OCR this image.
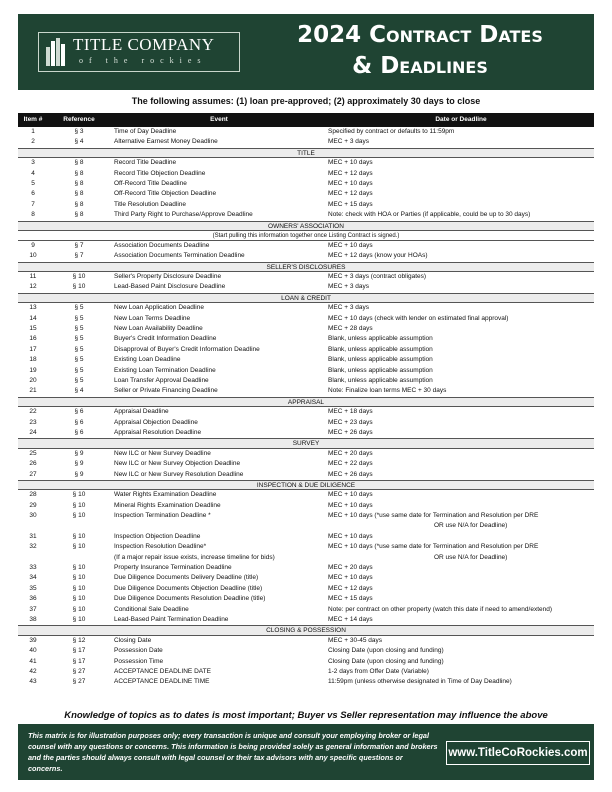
TITLE COMPANY
of the rockies
2024 Contract Dates
& Deadlines
The following assumes: (1) loan pre-approved; (2) approximately 30 days to close
Item #	Reference	Event	Date or Deadline
1	§ 3	Time of Day Deadline	Specified by contract or defaults to 11:59pm
2	§ 4	Alternative Earnest Money Deadline	MEC + 3 days
TITLE
3	§ 8	Record Title Deadline	MEC + 10 days
4	§ 8	Record Title Objection Deadline	MEC + 12 days
5	§ 8	Off-Record Title Deadline	MEC + 10 days
6	§ 8	Off-Record Title Objection Deadline	MEC + 12 days
7	§ 8	Title Resolution Deadline	MEC + 15 days
8	§ 8	Third Party Right to Purchase/Approve Deadline	Note: check with HOA or Parties (if applicable, could be up to 30 days)
OWNERS' ASSOCIATION
(Start pulling this information together once Listing Contract is signed.)
9	§ 7	Association Documents Deadline	MEC + 10 days
10	§ 7	Association Documents Termination Deadline	MEC + 12 days (know your HOAs)
SELLER'S DISCLOSURES
11	§ 10	Seller's Property Disclosure Deadline	MEC + 3 days (contract obligates)
12	§ 10	Lead-Based Paint Disclosure Deadline	MEC + 3 days
LOAN & CREDIT
13	§ 5	New Loan Application Deadline	MEC + 3 days
14	§ 5	New Loan Terms Deadline	MEC + 10 days (check with lender on estimated final approval)
15	§ 5	New Loan Availability Deadline	MEC + 28 days
16	§ 5	Buyer's Credit Information Deadline	Blank, unless applicable assumption
17	§ 5	Disapproval of Buyer's Credit Information Deadline	Blank, unless applicable assumption
18	§ 5	Existing Loan Deadline	Blank, unless applicable assumption
19	§ 5	Existing Loan Termination Deadline	Blank, unless applicable assumption
20	§ 5	Loan Transfer Approval Deadline	Blank, unless applicable assumption
21	§ 4	Seller or Private Financing Deadline	Note: Finalize loan terms MEC + 30 days
APPRAISAL
22	§ 6	Appraisal Deadline	MEC + 18 days
23	§ 6	Appraisal Objection Deadline	MEC + 23 days
24	§ 6	Appraisal Resolution Deadline	MEC + 26 days
SURVEY
25	§ 9	New ILC or New Survey Deadline	MEC + 20 days
26	§ 9	New ILC or New Survey Objection Deadline	MEC + 22 days
27	§ 9	New ILC or New Survey Resolution Deadline	MEC + 26 days
INSPECTION & DUE DILIGENCE
28	§ 10	Water Rights Examination Deadline	MEC + 10 days
29	§ 10	Mineral Rights Examination Deadline	MEC + 10 days
30	§ 10	Inspection Termination Deadline *	MEC + 10 days (*use same date for Termination and Resolution per DRE
OR use N/A for Deadline)
31	§ 10	Inspection Objection Deadline	MEC + 10 days
32	§ 10	Inspection Resolution Deadline*	MEC + 10 days (*use same date for Termination and Resolution per DRE
(If a major repair issue exists, increase timeline for bids)	OR use N/A for Deadline)
33	§ 10	Property Insurance Termination Deadline	MEC + 20 days
34	§ 10	Due Diligence Documents Delivery Deadline (title)	MEC + 10 days
35	§ 10	Due Diligence Documents Objection Deadline (title)	MEC + 12 days
36	§ 10	Due Diligence Documents Resolution Deadline (title)	MEC + 15 days
37	§ 10	Conditional Sale Deadline	Note: per contract on other property (watch this date if need to amend/extend)
38	§ 10	Lead-Based Paint Termination Deadline	MEC + 14 days
CLOSING & POSSESSION
39	§ 12	Closing Date	MEC + 30-45 days
40	§ 17	Possession Date	Closing Date (upon closing and funding)
41	§ 17	Possession Time	Closing Date (upon closing and funding)
42	§ 27	ACCEPTANCE DEADLINE DATE	1-2 days from Offer Date (Variable)
43	§ 27	ACCEPTANCE DEADLINE TIME	11:59pm (unless otherwise designated in Time of Day Deadline)
Knowledge of topics as to dates is most important; Buyer vs Seller representation may influence the above
This matrix is for illustration purposes only; every transaction is unique and consult your employing broker or legal counsel with any questions or concerns. This information is being provided solely as general information and brokers and the parties should always consult with legal counsel or their tax advisors with any specific questions or concerns.
www.TitleCoRockies.com
